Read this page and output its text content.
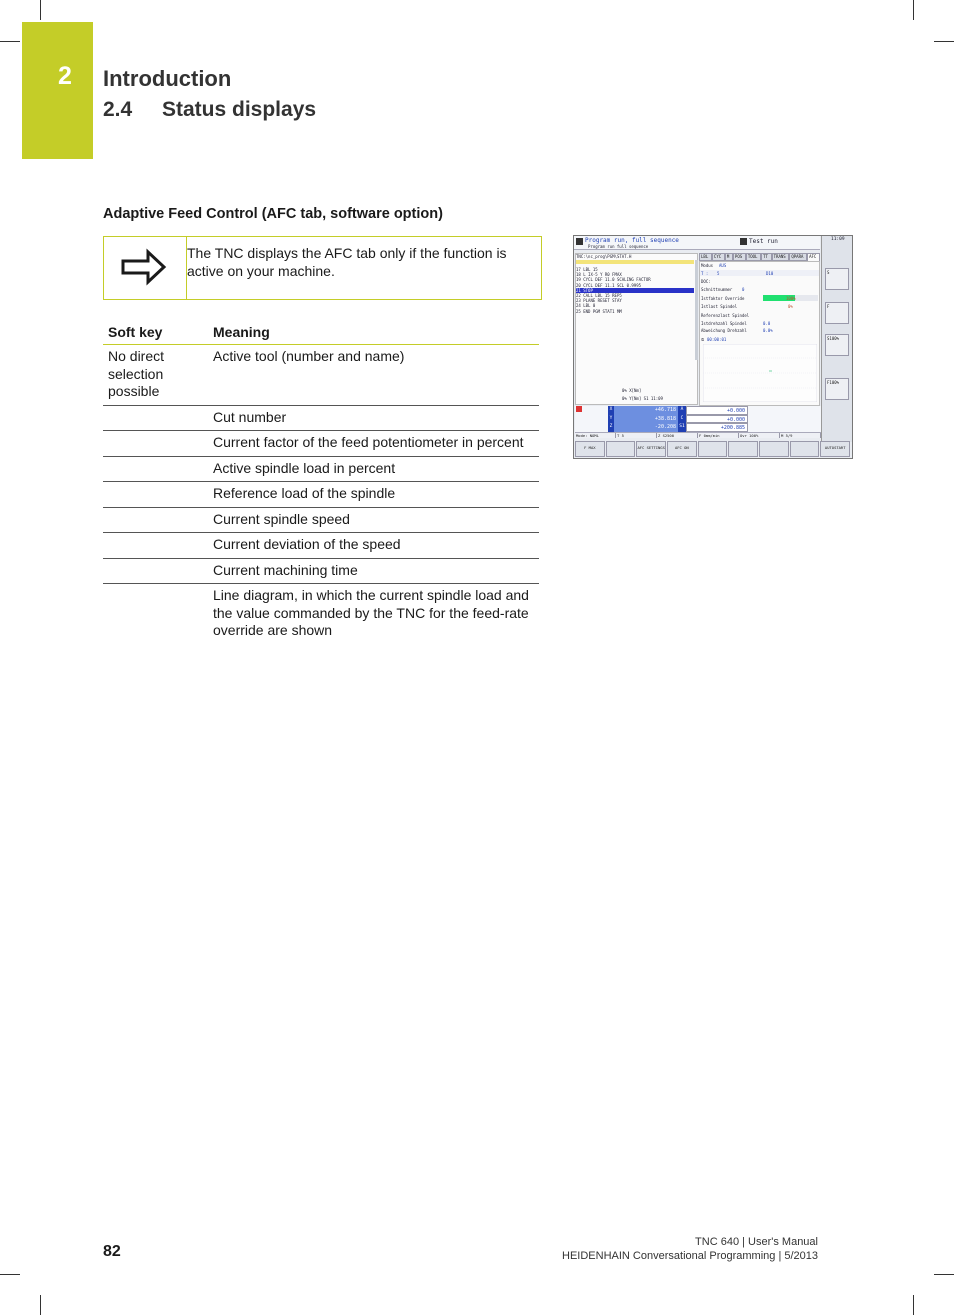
2 Introduction
2.4 Status displays
Adaptive Feed Control (AFC tab, software option)
The TNC displays the AFC tab only if the function is active on your machine.
Soft key	Meaning
No direct selection possible	Active tool (number and name)
	Cut number
	Current factor of the feed potentiometer in percent
	Active spindle load in percent
	Reference load of the spindle
	Current spindle speed
	Current deviation of the speed
	Current machining time
	Line diagram, in which the current spindle load and the value commanded by the TNC for the feed-rate override are shown
Program run, full sequence
Program run full sequence
Test run	11:09
TNC:\nc_prog\PGM\STAT.H
17 LBL 15
18 L IX-5 Y R0 FMAX
19 CYCL DEF 11.0 SCALING FACTOR
20 CYCL DEF 11.1 SCL 0.9995
21 STOP
22 CALL LBL 15 REP5
23 PLANE RESET STAY
24 LBL 0
25 END PGM STAT1 MM
0% X[Nm]
0% Y[Nm] S1 11:09
LBL	CYC	M	POS	TOOL	TT	TRANS	QPARA	AFC
Modus AUS
T : 5	D10
DOC:
Schnittnummer 0
Istfaktor Override	100%
Istlast Spindel	0%
Referenzlast Spindel
Istdrehzahl Spindel	0.0
Abweichung Drehzahl	0.0%
⏲ 00:00:01
X	+46.718	A	+0.000
Y	+38.818	C	+0.000
Z	-20.208 S1	+200.885
Mode: NOML	T 5	Z S2500	F 0mm/min	Ovr 100%	M 5/9
F MAX	AFC SETTINGS	AFC ON	AUTOSTART
S
F
S100%
F100%
82
TNC 640 | User's Manual
HEIDENHAIN Conversational Programming | 5/2013
